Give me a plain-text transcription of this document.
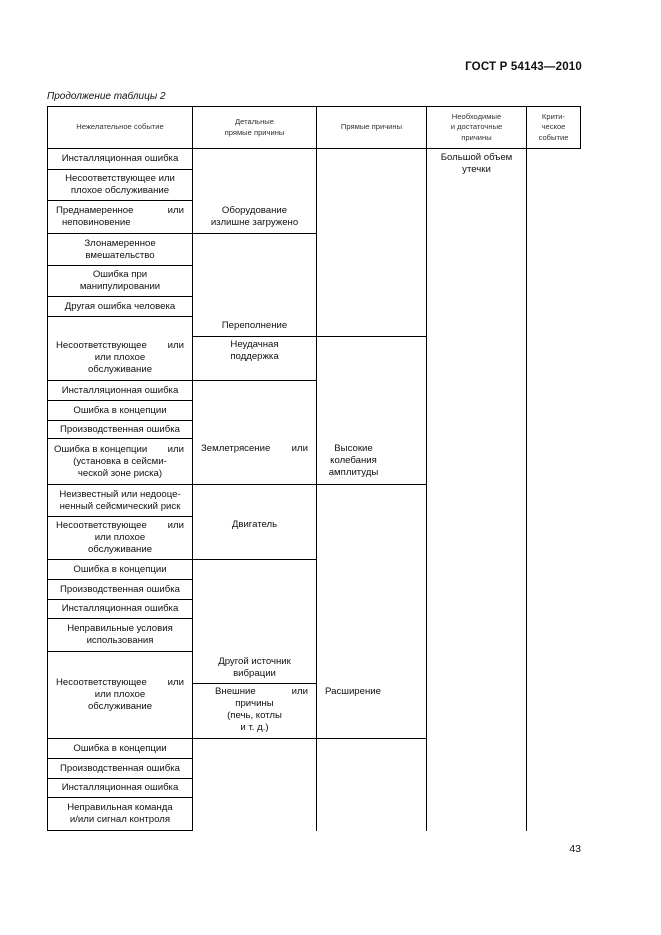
ГОСТ Р 54143—2010
Продолжение таблицы 2
43
Нежелательное событие
Детальные
прямые причины
Прямые причины
Необходимые
и достаточные
причины
Крити-
ческое
событие
Инсталляционная ошибка
Несоответствующее или
плохое обслуживание
Преднамеренное	или
неповиновение
Злонамеренное
вмешательство
Ошибка при
манипулировании
Другая ошибка человека
Несоответствующее или
или плохое
обслуживание
Инсталляционная ошибка
Ошибка в концепции
Производственная ошибка
Ошибка в концепции или
(установка в сейсми-
ческой зоне риска)
Неизвестный или недооце-
ненный сейсмический риск
Несоответствующее или
или плохое
обслуживание
Ошибка в концепции
Производственная ошибка
Инсталляционная ошибка
Неправильные условия
использования
Несоответствующее или
или плохое
обслуживание
Ошибка в концепции
Производственная ошибка
Инсталляционная ошибка
Неправильная команда
и/или сигнал контроля
Оборудование
излишне загружено
Переполнение
Неудачная
поддержка
Землетрясение или
Двигатель
Другой источник
вибрации
Внешние	или
причины
(печь, котлы
и т. д.)
Высокие
колебания
амплитуды
Расширение
Большой объем
утечки
